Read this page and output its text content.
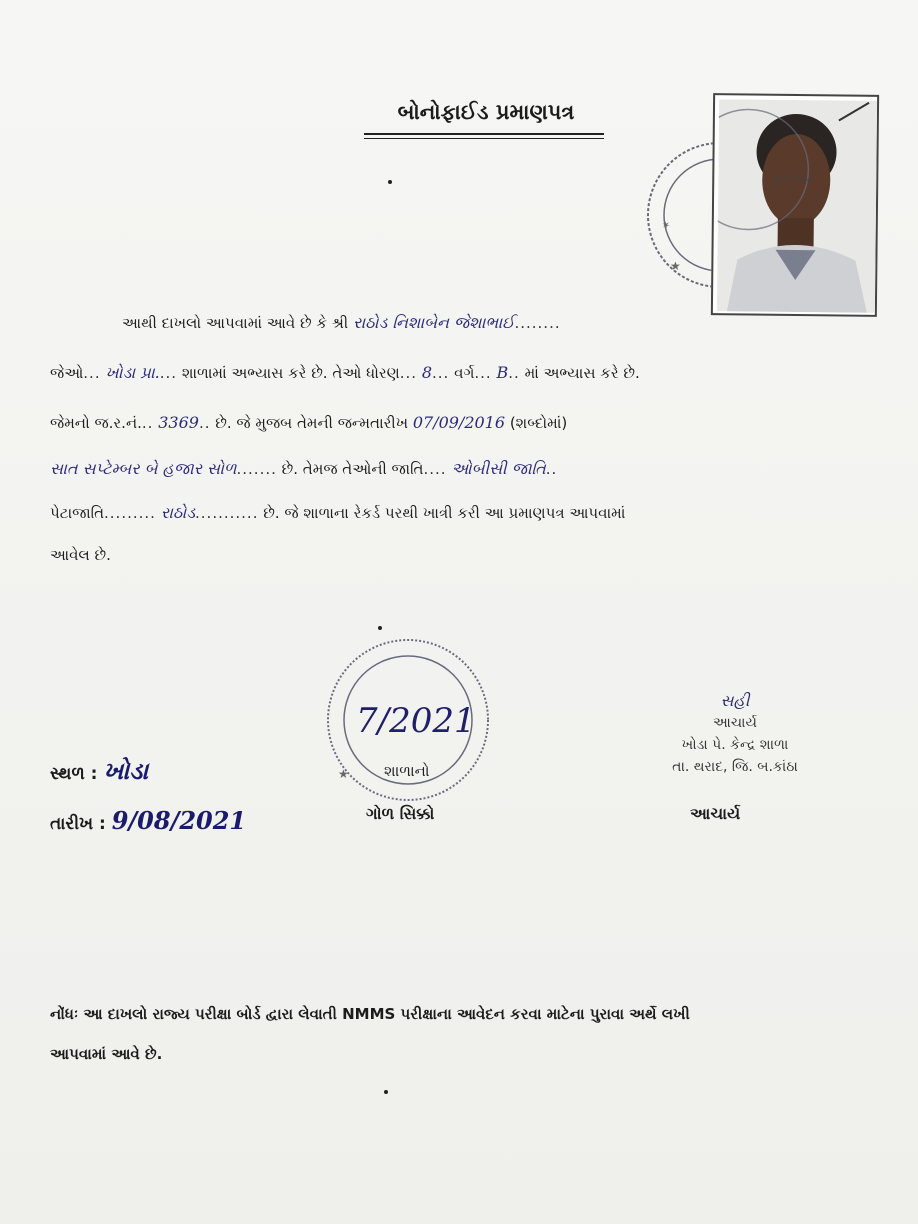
બોનોફાઈડ પ્રમાણપત્ર
✶
★
શાળા સિક્કો
આથી દાખલો આપવામાં આવે છે કે શ્રી રાઠોડ નિશાબેન જેશાભાઈ........
જેઓ... ખોડા પ્રા.... શાળામાં અભ્યાસ કરે છે. તેઓ ધોરણ... 8... વર્ગ... B.. માં અભ્યાસ કરે છે.
જેમનો જ.ર.નં... 3369.. છે. જે મુજબ તેમની જન્મતારીખ 07/09/2016 (શબ્દોમાં)
સાત સપ્ટેમ્બર બે હજાર સોળ....... છે. તેમજ તેઓની જાતિ.... ઓબીસી જાતિ..
પેટાજાતિ......... રાઠોડ........... છે. જે શાળાના રેકર્ડ પરથી ખાત્રી કરી આ પ્રમાણપત્ર આપવામાં
આવેલ છે.
7/2021
શાળાનો
★
ગોળ સિક્કો
સ્થળ : ખોડા
તારીખ : 9/08/2021
સહી
આચાર્ય
ખોડા પે. કેન્દ્ર શાળા
તા. થરાદ, જિ. બ.કાંઠા
આચાર્ય
નોંધઃ આ દાખલો રાજ્ય પરીક્ષા બોર્ડ દ્વારા લેવાતી NMMS પરીક્ષાના આવેદન કરવા માટેના પુરાવા અર્થે લખી
આપવામાં આવે છે.
